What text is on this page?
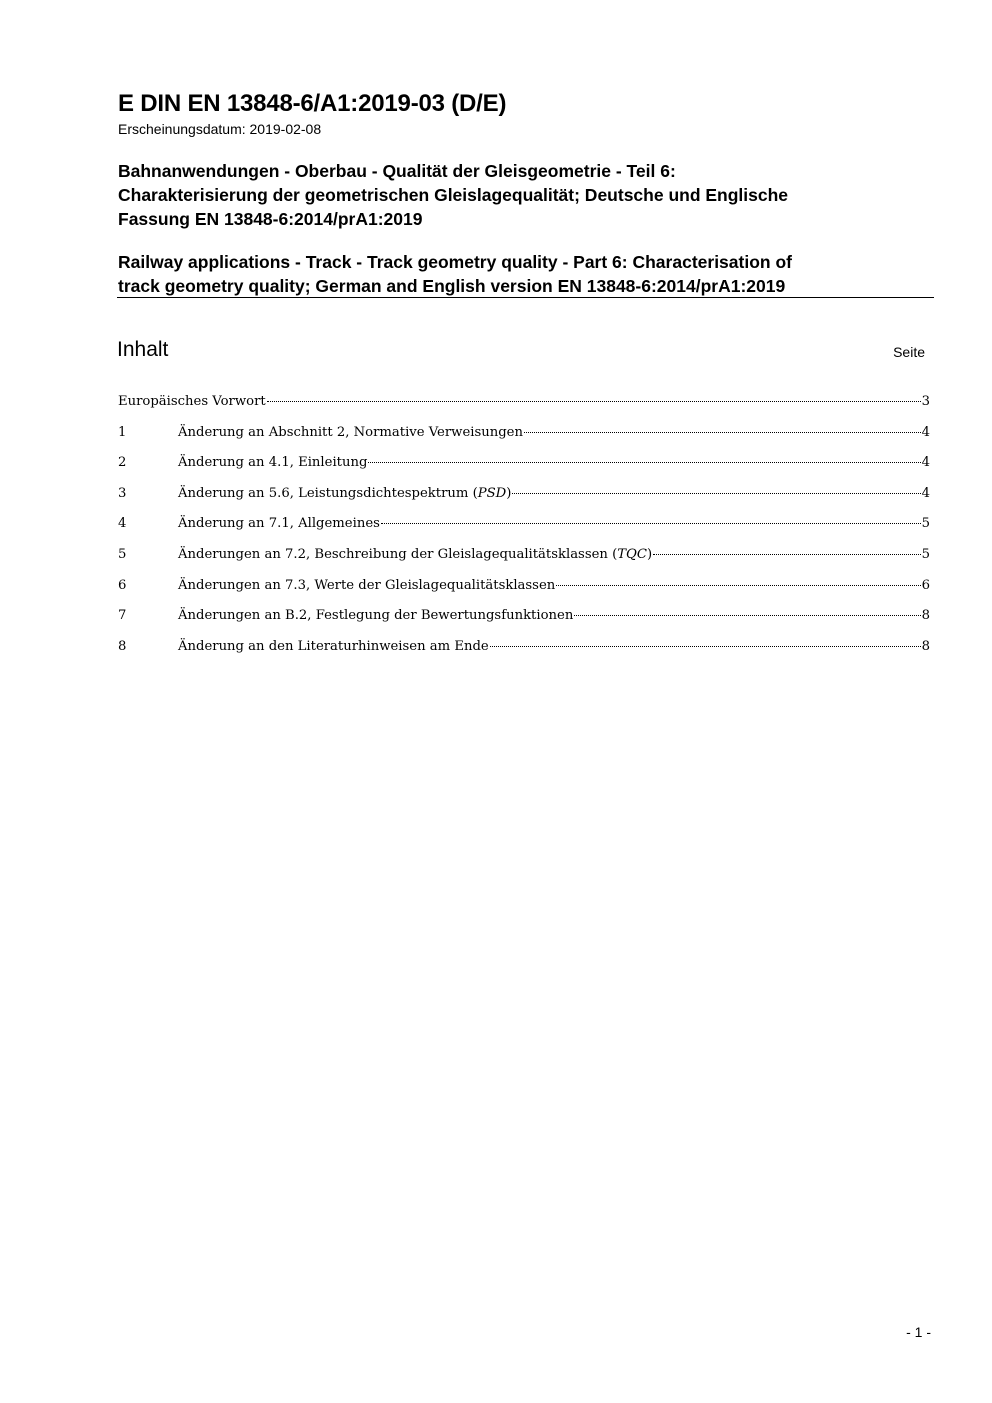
E DIN EN 13848-6/A1:2019-03 (D/E)
Erscheinungsdatum: 2019-02-08
Bahnanwendungen - Oberbau - Qualität der Gleisgeometrie - Teil 6:
Charakterisierung der geometrischen Gleislagequalität; Deutsche und Englische
Fassung EN 13848-6:2014/prA1:2019
Railway applications - Track - Track geometry quality - Part 6: Characterisation of
track geometry quality; German and English version EN 13848-6:2014/prA1:2019
Inhalt	Seite
Europäisches Vorwort	3
1	Änderung an Abschnitt 2, Normative Verweisungen	4
2	Änderung an 4.1, Einleitung	4
3	Änderung an 5.6, Leistungsdichtespektrum (PSD)	4
4	Änderung an 7.1, Allgemeines	5
5	Änderungen an 7.2, Beschreibung der Gleislagequalitätsklassen (TQC)	5
6	Änderungen an 7.3, Werte der Gleislagequalitätsklassen	6
7	Änderungen an B.2, Festlegung der Bewertungsfunktionen	8
8	Änderung an den Literaturhinweisen am Ende	8
- 1 -
